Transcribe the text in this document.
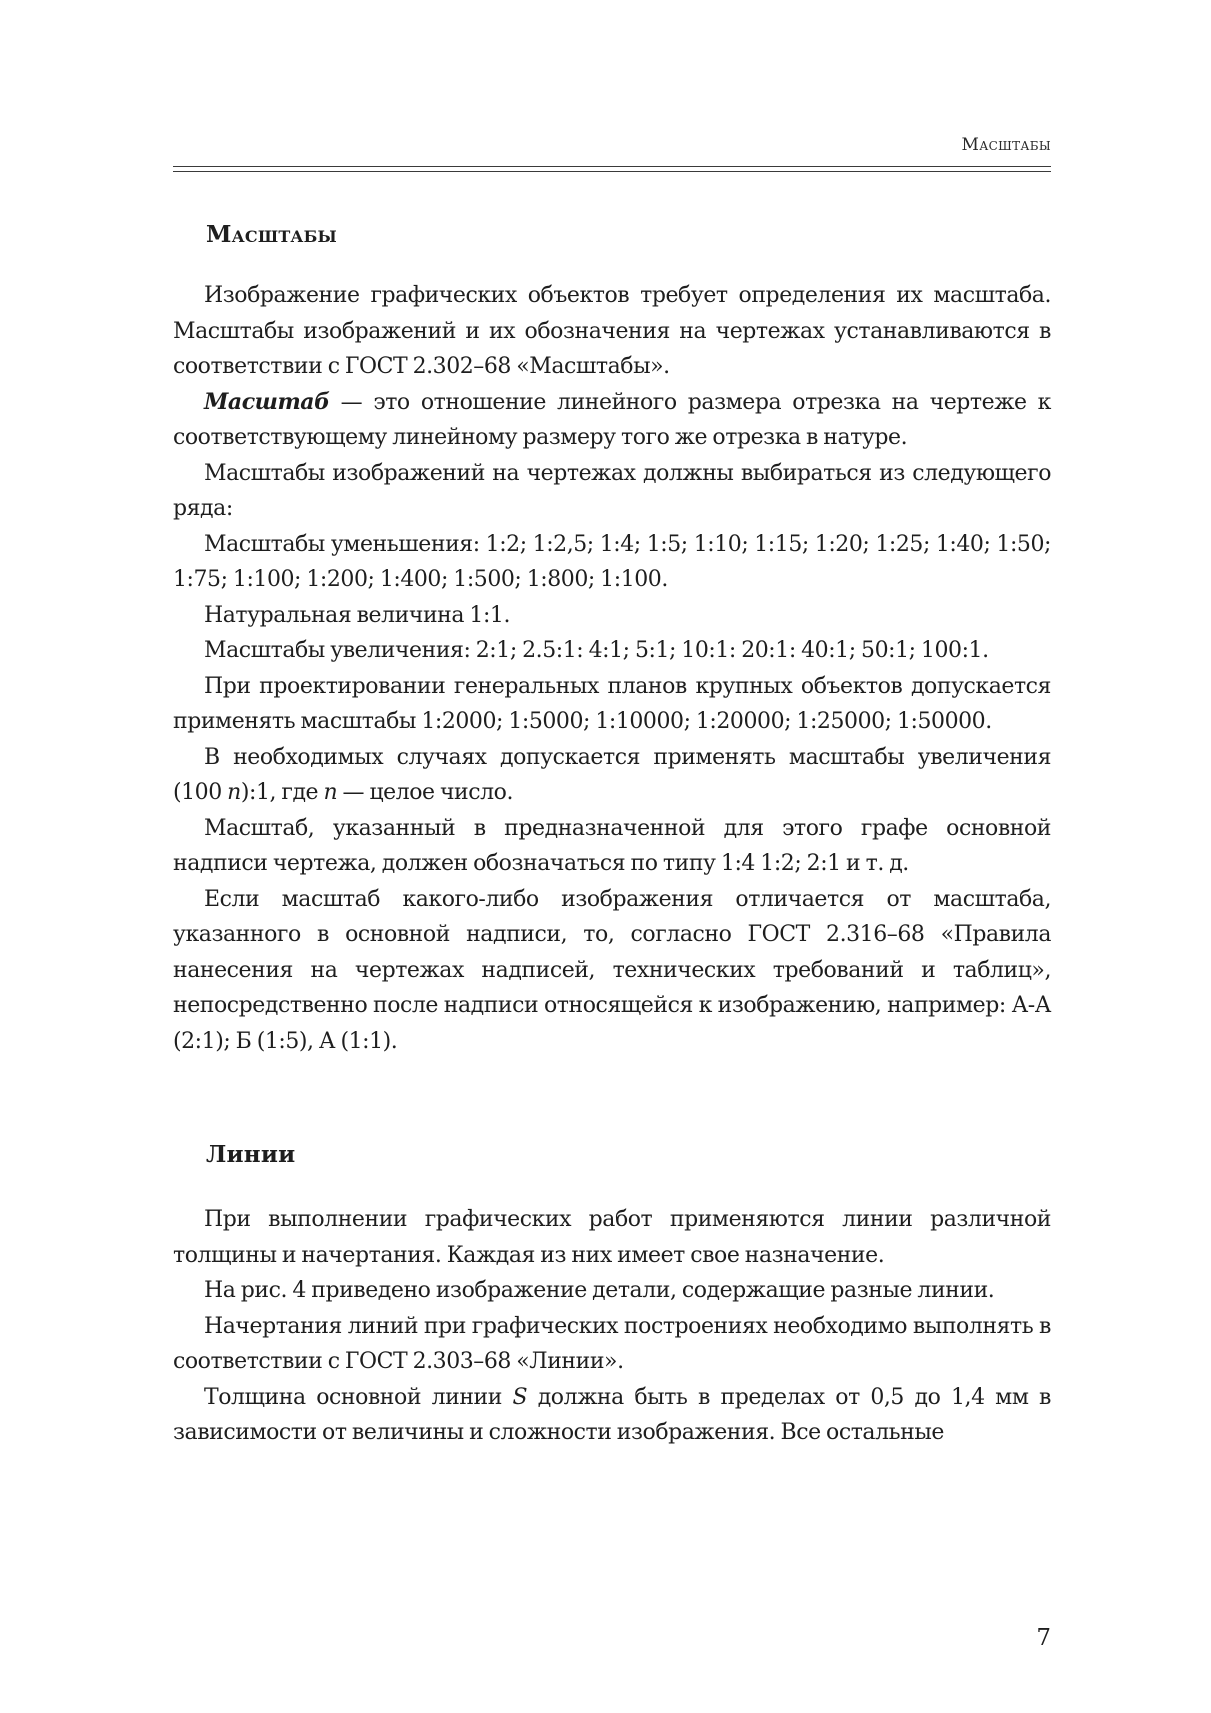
Масштабы
Масштабы

Изображение графических объектов требует определения их масштаба. Масштабы изображений и их обозначения на чертежах устанавливаются в соответствии с ГОСТ 2.302–68 «Масштабы».

Масштаб — это отношение линейного размера отрезка на чертеже к соответствующему линейному размеру того же отрезка в натуре.

Масштабы изображений на чертежах должны выбираться из следующего ряда:

Масштабы уменьшения: 1:2; 1:2,5; 1:4; 1:5; 1:10; 1:15; 1:20; 1:25; 1:40; 1:50; 1:75; 1:100; 1:200; 1:400; 1:500; 1:800; 1:100.

Натуральная величина 1:1.

Масштабы увеличения: 2:1; 2.5:1: 4:1; 5:1; 10:1: 20:1: 40:1; 50:1; 100:1.

При проектировании генеральных планов крупных объектов допускается применять масштабы 1:2000; 1:5000; 1:10000; 1:20000; 1:25000; 1:50000.

В необходимых случаях допускается применять масштабы увеличения (100 n):1, где n — целое число.

Масштаб, указанный в предназначенной для этого графе основной надписи чертежа, должен обозначаться по типу 1:4 1:2; 2:1 и т. д.

Если масштаб какого-либо изображения отличается от масштаба, указанного в основной надписи, то, согласно ГОСТ 2.316–68 «Правила нанесения на чертежах надписей, технических требований и таблиц», непосредственно после надписи относящейся к изображению, например: А-А (2:1); Б (1:5), А (1:1).

Линии

При выполнении графических работ применяются линии различной толщины и начертания. Каждая из них имеет свое назначение.

На рис. 4 приведено изображение детали, содержащие разные линии.

Начертания линий при графических построениях необходимо выполнять в соответствии с ГОСТ 2.303–68 «Линии».

Толщина основной линии S должна быть в пределах от 0,5 до 1,4 мм в зависимости от величины и сложности изображения. Все остальные

7
